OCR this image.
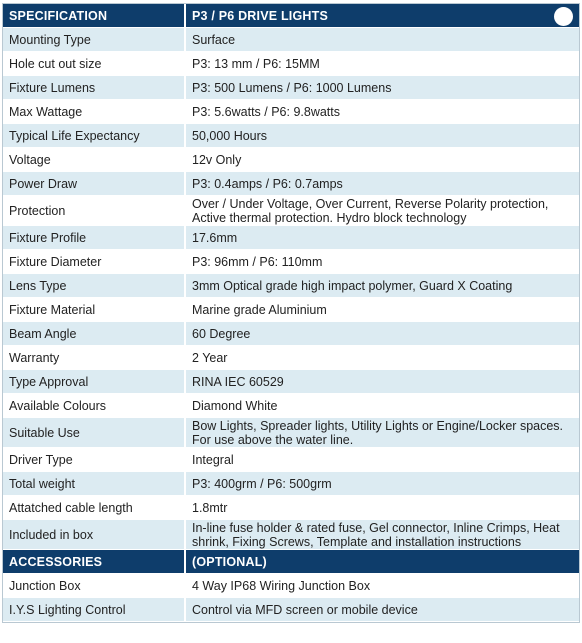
SPECIFICATION	P3 / P6 DRIVE LIGHTS
Mounting Type	Surface
Hole cut out size	P3: 13 mm / P6: 15MM
Fixture Lumens	P3: 500 Lumens / P6: 1000 Lumens
Max Wattage	P3: 5.6watts / P6: 9.8watts
Typical Life Expectancy	50,000 Hours
Voltage	12v Only
Power Draw	P3: 0.4amps / P6: 0.7amps
Protection	Over / Under Voltage, Over Current, Reverse Polarity protection, Active thermal protection. Hydro block technology
Fixture Profile	17.6mm
Fixture Diameter	P3: 96mm / P6: 110mm
Lens Type	3mm Optical grade high impact polymer, Guard X Coating
Fixture Material	Marine grade Aluminium
Beam Angle	60 Degree
Warranty	2 Year
Type Approval	RINA IEC 60529
Available Colours	Diamond White
Suitable Use	Bow Lights, Spreader lights, Utility Lights or Engine/Locker spaces. For use above the water line.
Driver Type	Integral
Total weight	P3: 400grm / P6: 500grm
Attatched cable length	1.8mtr
Included in box	In-line fuse holder & rated fuse, Gel connector, Inline Crimps, Heat shrink, Fixing Screws, Template and installation instructions
ACCESSORIES	(OPTIONAL)
Junction Box	4 Way IP68 Wiring Junction Box
I.Y.S Lighting Control	Control via MFD screen or mobile device
